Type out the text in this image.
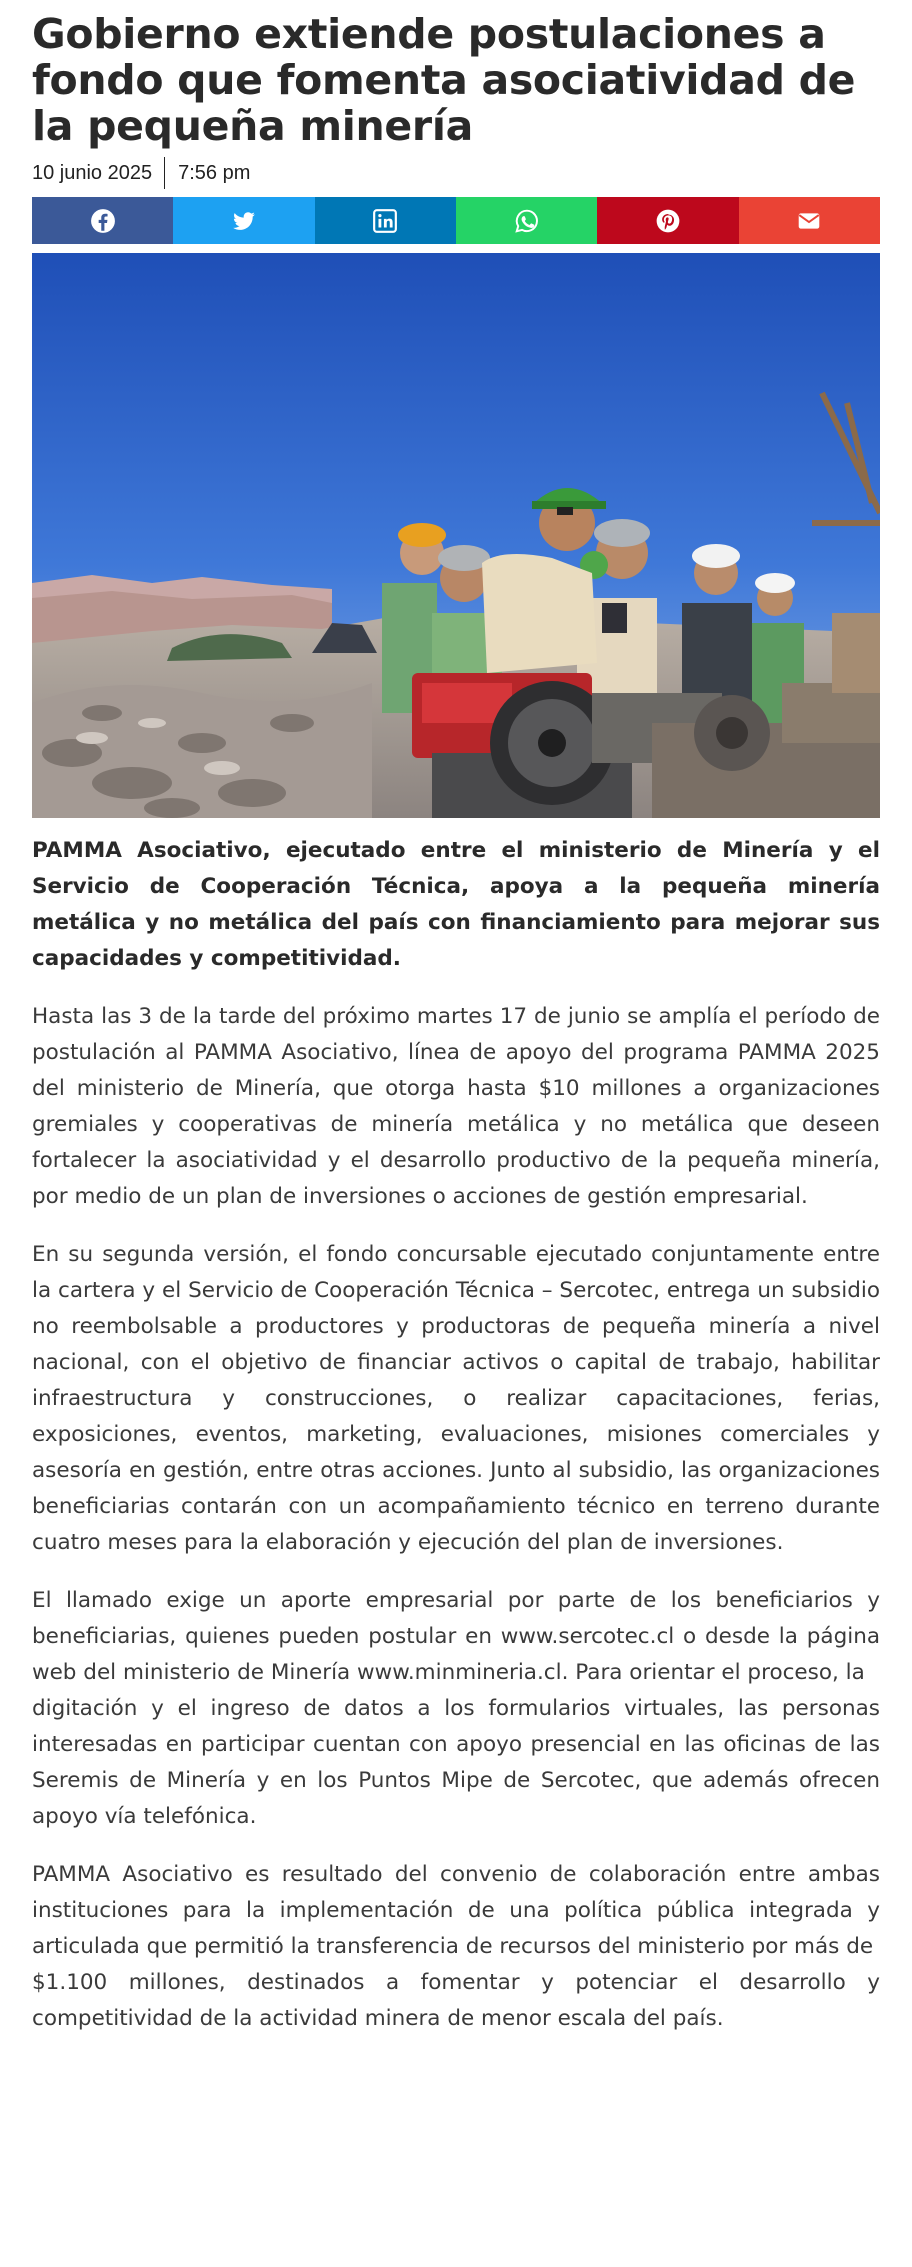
Gobierno extiende postulaciones a fondo que fomenta asociatividad de la pequeña minería
10 junio 2025	7:56 pm

PAMMA Asociativo, ejecutado entre el ministerio de Minería y el Servicio de Cooperación Técnica, apoya a la pequeña minería metálica y no metálica del país con financiamiento para mejorar sus capacidades y competitividad.

Hasta las 3 de la tarde del próximo martes 17 de junio se amplía el período de postulación al PAMMA Asociativo, línea de apoyo del programa PAMMA 2025 del ministerio de Minería, que otorga hasta $10 millones a organizaciones gremiales y cooperativas de minería metálica y no metálica que deseen fortalecer la asociatividad y el desarrollo productivo de la pequeña minería, por medio de un plan de inversiones o acciones de gestión empresarial.

En su segunda versión, el fondo concursable ejecutado conjuntamente entre la cartera y el Servicio de Cooperación Técnica – Sercotec, entrega un subsidio no reembolsable a productores y productoras de pequeña minería a nivel nacional, con el objetivo de financiar activos o capital de trabajo, habilitar infraestructura y construcciones, o realizar capacitaciones, ferias, exposiciones, eventos, marketing, evaluaciones, misiones comerciales y asesoría en gestión, entre otras acciones. Junto al subsidio, las organizaciones beneficiarias contarán con un acompañamiento técnico en terreno durante cuatro meses para la elaboración y ejecución del plan de inversiones.

El llamado exige un aporte empresarial por parte de los beneficiarios y beneficiarias, quienes pueden postular en www.sercotec.cl o desde la página web del ministerio de Minería www.minmineria.cl. Para orientar el proceso, la
digitación y el ingreso de datos a los formularios virtuales, las personas interesadas en participar cuentan con apoyo presencial en las oficinas de las Seremis de Minería y en los Puntos Mipe de Sercotec, que además ofrecen apoyo vía telefónica.

PAMMA Asociativo es resultado del convenio de colaboración entre ambas instituciones para la implementación de una política pública integrada y articulada que permitió la transferencia de recursos del ministerio por más de
$1.100 millones, destinados a fomentar y potenciar el desarrollo y competitividad de la actividad minera de menor escala del país.
